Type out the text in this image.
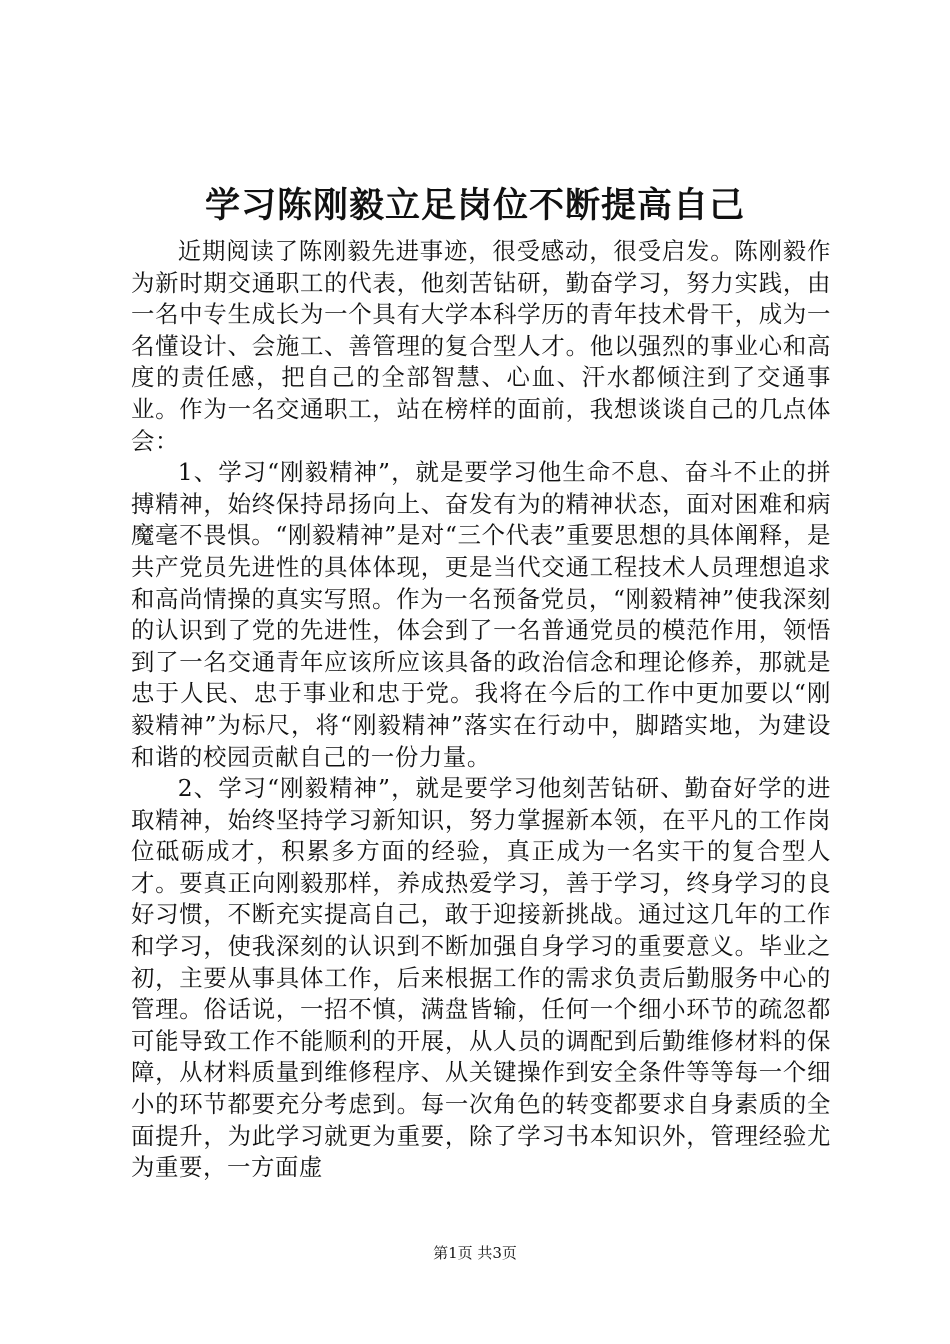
学习陈刚毅立足岗位不断提高自己

近期阅读了陈刚毅先进事迹，很受感动，很受启发。陈刚毅作为新时期交通职工的代表，他刻苦钻研，勤奋学习，努力实践，由一名中专生成长为一个具有大学本科学历的青年技术骨干，成为一名懂设计、会施工、善管理的复合型人才。他以强烈的事业心和高度的责任感，把自己的全部智慧、心血、汗水都倾注到了交通事业。作为一名交通职工，站在榜样的面前，我想谈谈自己的几点体会：

1、学习“刚毅精神”，就是要学习他生命不息、奋斗不止的拼搏精神，始终保持昂扬向上、奋发有为的精神状态，面对困难和病魔毫不畏惧。“刚毅精神”是对“三个代表”重要思想的具体阐释，是共产党员先进性的具体体现，更是当代交通工程技术人员理想追求和高尚情操的真实写照。作为一名预备党员，“刚毅精神”使我深刻的认识到了党的先进性，体会到了一名普通党员的模范作用，领悟到了一名交通青年应该所应该具备的政治信念和理论修养，那就是忠于人民、忠于事业和忠于党。我将在今后的工作中更加要以“刚毅精神”为标尺，将“刚毅精神”落实在行动中，脚踏实地，为建设和谐的校园贡献自己的一份力量。

2、学习“刚毅精神”，就是要学习他刻苦钻研、勤奋好学的进取精神，始终坚持学习新知识，努力掌握新本领，在平凡的工作岗位砥砺成才，积累多方面的经验，真正成为一名实干的复合型人才。要真正向刚毅那样，养成热爱学习，善于学习，终身学习的良好习惯，不断充实提高自己，敢于迎接新挑战。通过这几年的工作和学习，使我深刻的认识到不断加强自身学习的重要意义。毕业之初，主要从事具体工作，后来根据工作的需求负责后勤服务中心的管理。俗话说，一招不慎，满盘皆输，任何一个细小环节的疏忽都可能导致工作不能顺利的开展，从人员的调配到后勤维修材料的保障，从材料质量到维修程序、从关键操作到安全条件等等每一个细小的环节都要充分考虑到。每一次角色的转变都要求自身素质的全面提升，为此学习就更为重要，除了学习书本知识外，管理经验尤为重要，一方面虚

第1页 共3页
